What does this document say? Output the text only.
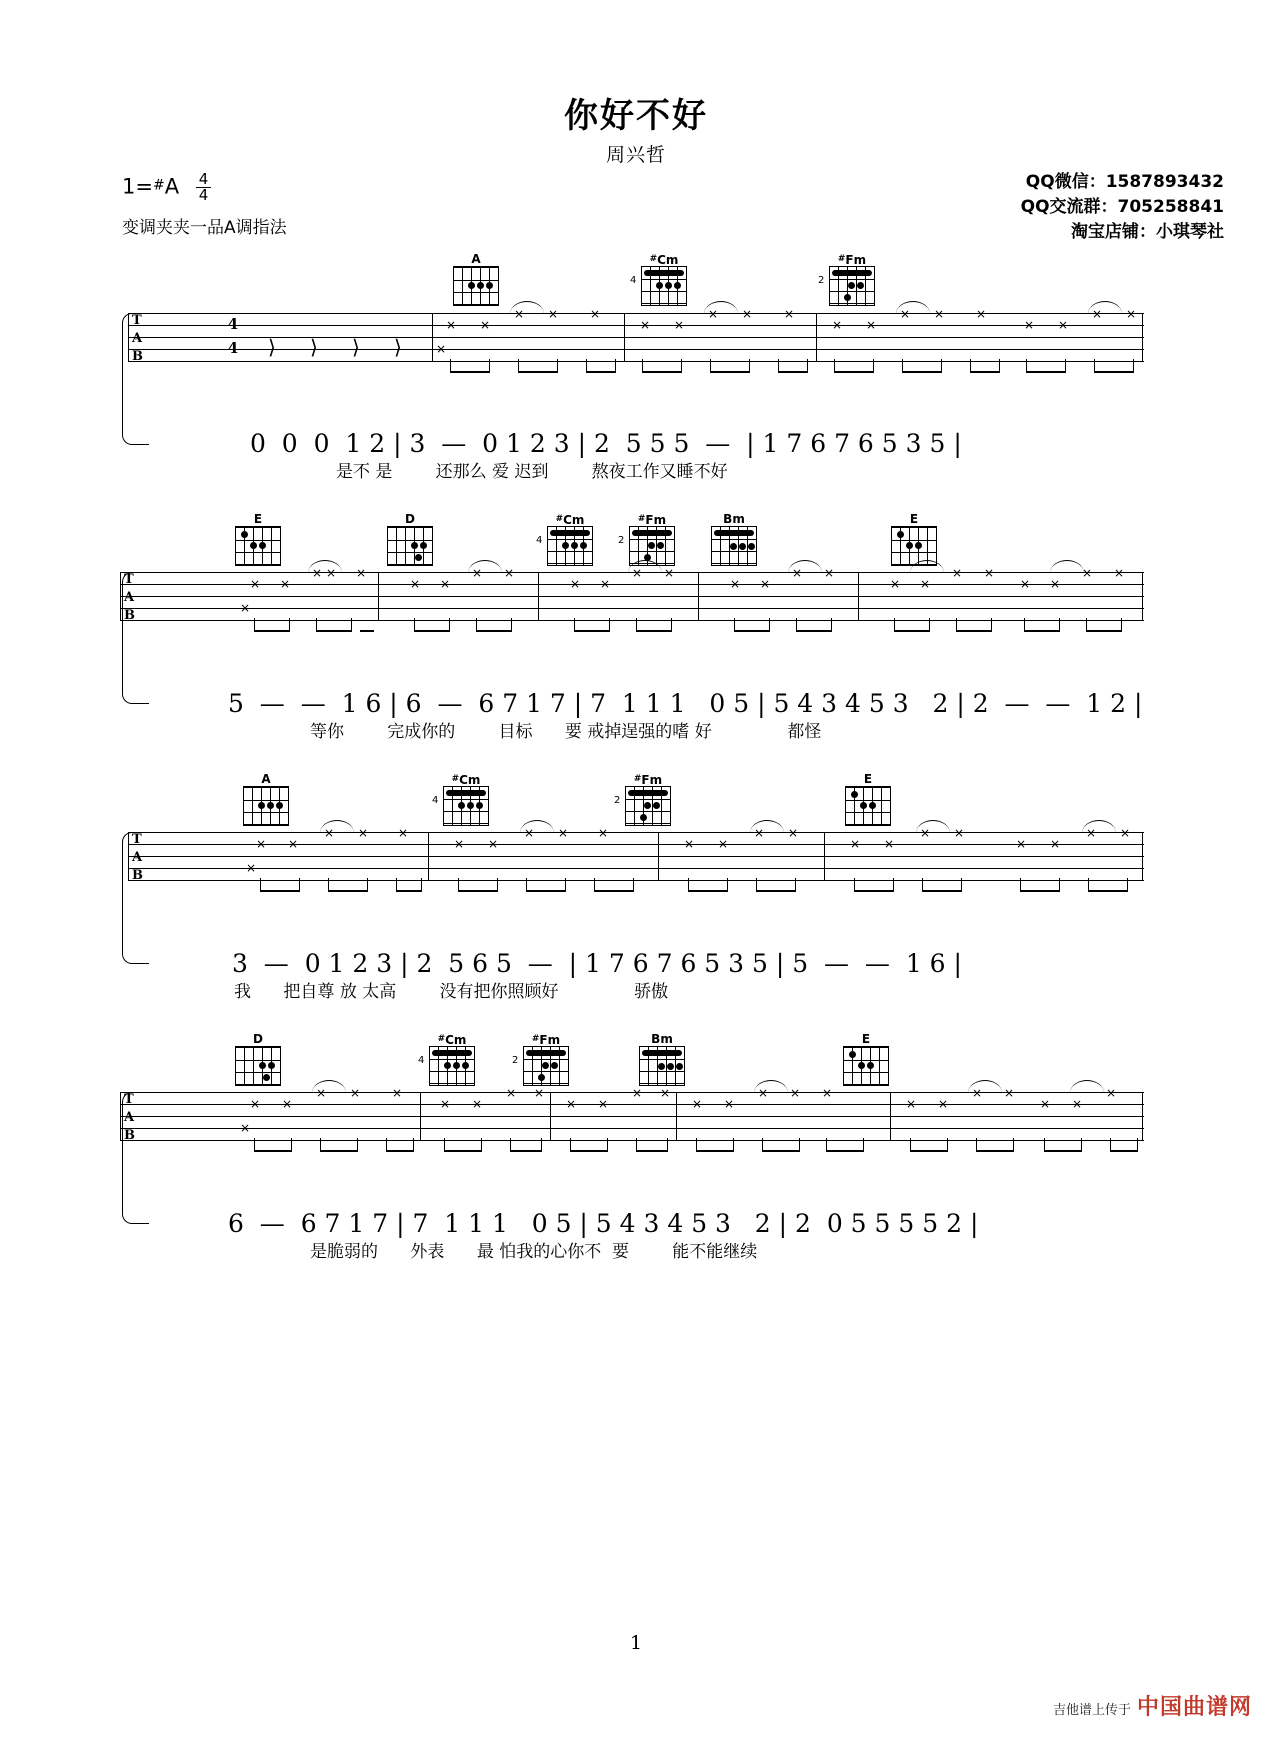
你好不好
周兴哲
1=#A $\frac{4}{4}$
变调夹夹一品A调指法
QQ微信：1587893432
QQ交流群：705258841
淘宝店铺：小琪琴社
A	#Cm
4
#Fm
2
T
A
B
4
4 ⟩ ⟩ ⟩ ⟩
× ×
× ×	×
×
× ×
× ×	×
× ×
× ×	×
× ×
× ×
0  0  0  1 2 | 3  —  0 1 2 3 | 2  5 5 5  —  | 1 7 6 7 6 5 3 5 |
是不 是        还那么 爱 迟到        熬夜工作又睡不好
E	D	#Cm
4
#Fm
2
Bm	E
T
A
B
× ×
× × ×
×
× ×
× ×
× ×
× ×
× ×
× ×
× ×
× ×
× ×
× ×
5  —  —  1 6 | 6  —  6 7 1 7 | 7  1 1 1   0 5 | 5 4 3 4 5 3   2 | 2  —  —  1 2 |
等你        完成你的        目标      要 戒掉逞强的嗜 好              都怪
A	#Cm
4
#Fm
2
E
T
A
B	×
× ×
× × ×
× ×
× × ×
× ×
× ×
× ×
× ×
× ×
× ×
3  —  0 1 2 3 | 2  5 6 5  —  | 1 7 6 7 6 5 3 5 | 5  —  —  1 6 |
我      把自尊 放 太高        没有把你照顾好              骄傲
D	#Cm
4
#Fm
2
Bm	E
T
A
B	×
× ×
× ×	×
× ×
× ×
× ×
× ×
× ×
× × ×
× ×
× ×
× ×
×
6  —  6 7 1 7 | 7  1 1 1   0 5 | 5 4 3 4 5 3   2 | 2  0 5 5 5 5 2 |
是脆弱的      外表      最 怕我的心你不  要        能不能继续
1
吉他谱上传于 中国曲谱网
